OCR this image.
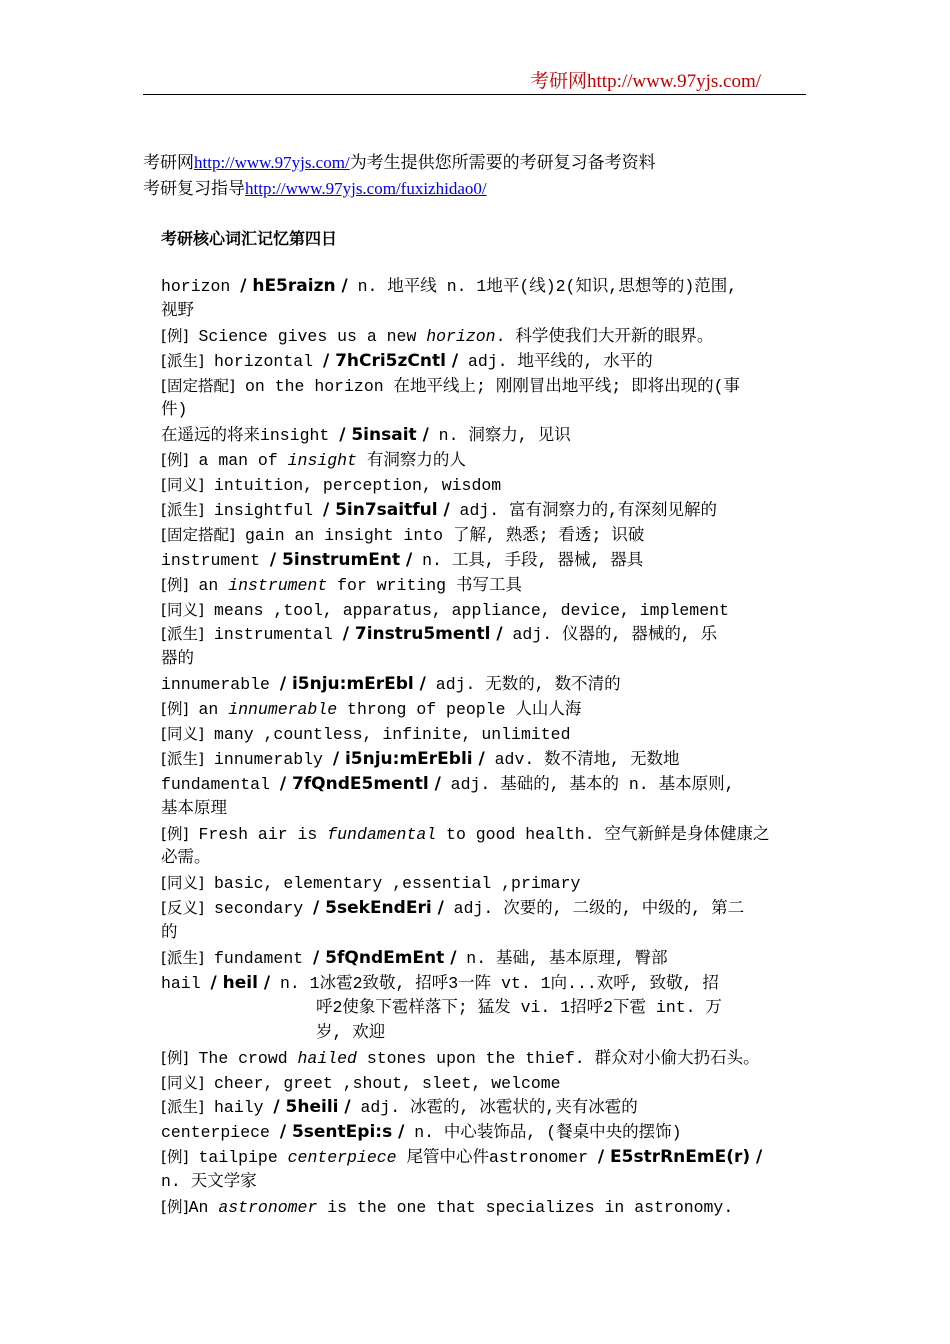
考研网http://www.97yjs.com/
考研网http://www.97yjs.com/为考生提供您所需要的考研复习备考资料
考研复习指导http://www.97yjs.com/fuxizhidao0/
考研核心词汇记忆第四日
horizon / hE5raizn / n. 地平线 n. 1地平(线)2(知识,思想等的)范围,
视野
[例] Science gives us a new horizon. 科学使我们大开新的眼界。
[派生] horizontal / 7hCri5zCntl / adj. 地平线的, 水平的
[固定搭配] on the horizon 在地平线上; 刚刚冒出地平线; 即将出现的(事
件)
在遥远的将来insight / 5insait / n. 洞察力, 见识
[例] a man of insight 有洞察力的人
[同义] intuition, perception, wisdom
[派生] insightful / 5in7saitful / adj. 富有洞察力的,有深刻见解的
[固定搭配] gain an insight into 了解, 熟悉; 看透; 识破
instrument / 5instrumEnt / n. 工具, 手段, 器械, 器具
[例] an instrument for writing 书写工具
[同义] means ,tool, apparatus, appliance, device, implement
[派生] instrumental / 7instru5mentl / adj. 仪器的, 器械的, 乐
器的
innumerable / i5nju:mErEbl / adj. 无数的, 数不清的
[例] an innumerable throng of people 人山人海
[同义] many ,countless, infinite, unlimited
[派生] innumerably / i5nju:mErEbli / adv. 数不清地, 无数地
fundamental / 7fQndE5mentl / adj. 基础的, 基本的 n. 基本原则,
基本原理
[例] Fresh air is fundamental to good health. 空气新鲜是身体健康之
必需。
[同义] basic, elementary ,essential ,primary
[反义] secondary / 5sekEndEri / adj. 次要的, 二级的, 中级的, 第二
的
[派生] fundament / 5fQndEmEnt / n. 基础, 基本原理, 臀部
hail / heil / n. 1冰雹2致敬, 招呼3一阵 vt. 1向...欢呼, 致敬, 招
呼2使象下雹样落下; 猛发 vi. 1招呼2下雹 int. 万
岁, 欢迎
[例] The crowd hailed stones upon the thief. 群众对小偷大扔石头。
[同义] cheer, greet ,shout, sleet, welcome
[派生] haily / 5heili / adj. 冰雹的, 冰雹状的,夹有冰雹的
centerpiece / 5sentEpi:s / n. 中心装饰品, (餐桌中央的摆饰)
[例] tailpipe centerpiece 尾管中心件astronomer / E5strRnEmE(r) /
n. 天文学家
[例]An astronomer is the one that specializes in astronomy.
